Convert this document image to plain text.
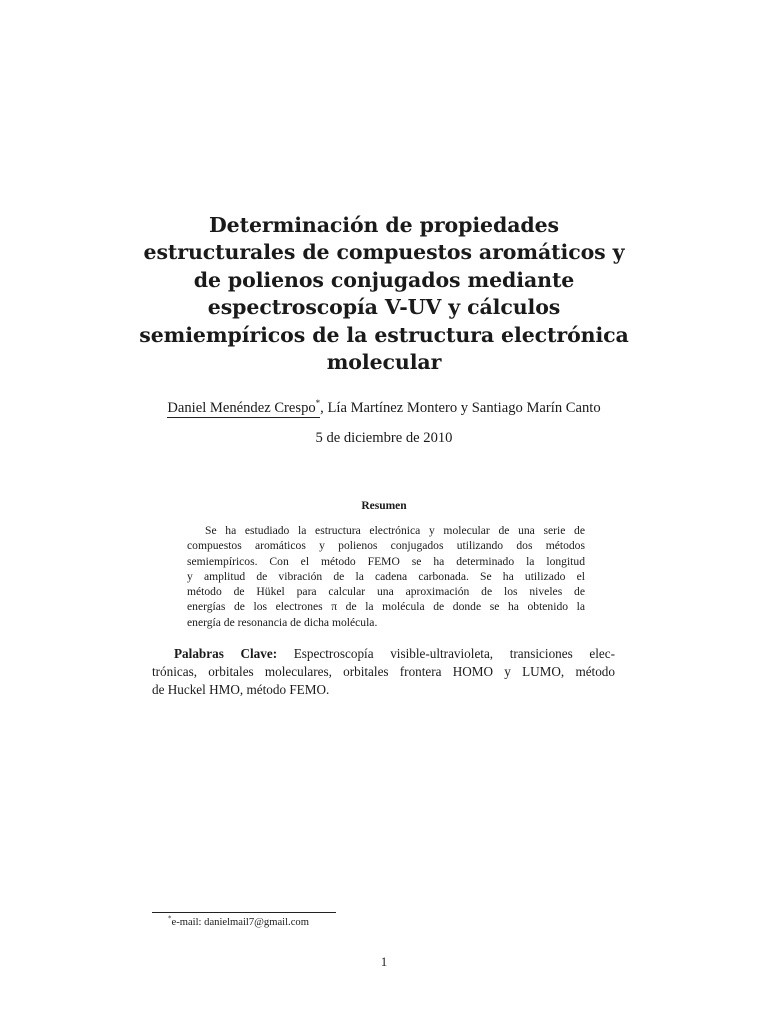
Determinación de propiedades
estructurales de compuestos aromáticos y
de polienos conjugados mediante
espectroscopía V-UV y cálculos
semiempíricos de la estructura electrónica
molecular
Daniel Menéndez Crespo*, Lía Martínez Montero y Santiago Marín Canto
5 de diciembre de 2010
Resumen
Se ha estudiado la estructura electrónica y molecular de una serie de
compuestos aromáticos y polienos conjugados utilizando dos métodos
semiempíricos. Con el método FEMO se ha determinado la longitud
y amplitud de vibración de la cadena carbonada. Se ha utilizado el
método de Hükel para calcular una aproximación de los niveles de
energías de los electrones π de la molécula de donde se ha obtenido la
energía de resonancia de dicha molécula.
Palabras Clave: Espectroscopía visible-ultravioleta, transiciones elec-
trónicas, orbitales moleculares, orbitales frontera HOMO y LUMO, método
de Huckel HMO, método FEMO.
*e-mail: danielmail7@gmail.com
1
